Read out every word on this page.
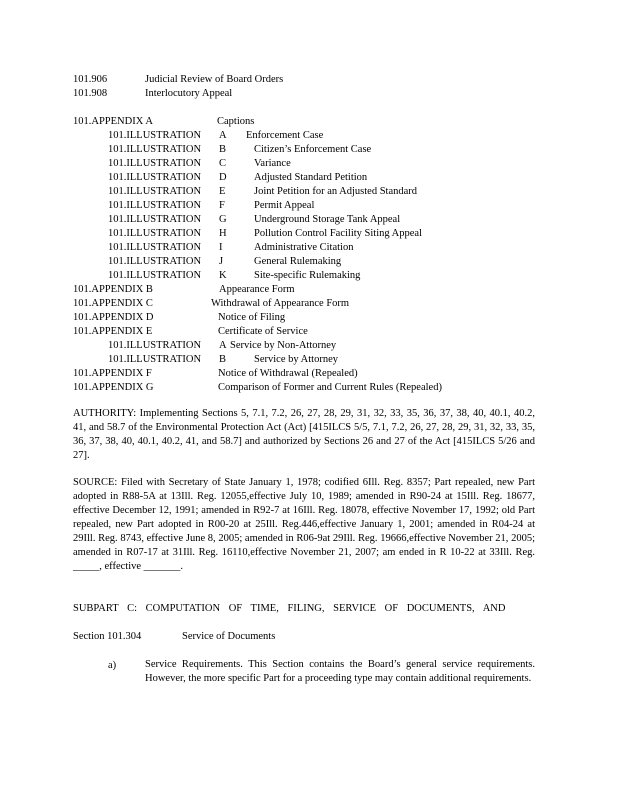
101.906	Judicial Review of Board Orders
101.908	Interlocutory Appeal
101.APPENDIX A	Captions
101.ILLUSTRATION A Enforcement Case
101.ILLUSTRATION B	Citizen’s Enforcement Case
101.ILLUSTRATION C	Variance
101.ILLUSTRATION D	Adjusted Standard Petition
101.ILLUSTRATION E	Joint Petition for an Adjusted Standard
101.ILLUSTRATION F	Permit Appeal
101.ILLUSTRATION G	Underground Storage Tank Appeal
101.ILLUSTRATION H	Pollution Control Facility Siting Appeal
101.ILLUSTRATION I	Administrative Citation
101.ILLUSTRATION J	General Rulemaking
101.ILLUSTRATION K	Site-specific Rulemaking
101.APPENDIX B	Appearance Form
101.APPENDIX C	Withdrawal of Appearance Form
101.APPENDIX D	Notice of Filing
101.APPENDIX E	Certificate of Service
101.ILLUSTRATION A Service by Non-Attorney
101.ILLUSTRATION B	Service by Attorney
101.APPENDIX F	Notice of Withdrawal (Repealed)
101.APPENDIX G	Comparison of Former and Current Rules (Repealed)
AUTHORITY: Implementing Sections 5, 7.1, 7.2, 26, 27, 28, 29, 31, 32, 33, 35, 36, 37, 38, 40, 40.1, 40.2, 41, and 58.7 of the Environmental Protection Act (Act) [415ILCS 5/5, 7.1, 7.2, 26, 27, 28, 29, 31, 32, 33, 35, 36, 37, 38, 40, 40.1, 40.2, 41, and 58.7] and authorized by Sections 26 and 27 of the Act [415ILCS 5/26 and 27].
SOURCE: Filed with Secretary of State January 1, 1978; codified 6Ill. Reg. 8357; Part repealed, new Part adopted in R88-5A at 13Ill. Reg. 12055,effective July 10, 1989; amended in R90-24 at 15Ill. Reg. 18677, effective December 12, 1991; amended in R92-7 at 16Ill. Reg. 18078, effective November 17, 1992; old Part repealed, new Part adopted in R00-20 at 25Ill. Reg.446,effective January 1, 2001; amended in R04-24 at 29Ill. Reg. 8743, effective June 8, 2005; amended in R06-9at 29Ill. Reg. 19666,effective November 21, 2005; amended in R07-17 at 31Ill. Reg. 16110,effective November 21, 2007; am ended in R 10-22 at 33Ill. Reg. _____, effective _______.
SUBPART C: COMPUTATION OF TIME, FILING, SERVICE OF DOCUMENTS, AND
Section 101.304	Service of Documents
a)	Service Requirements. This Section contains the Board’s general service requirements. However, the more specific Part for a proceeding type may contain additional requirements.
